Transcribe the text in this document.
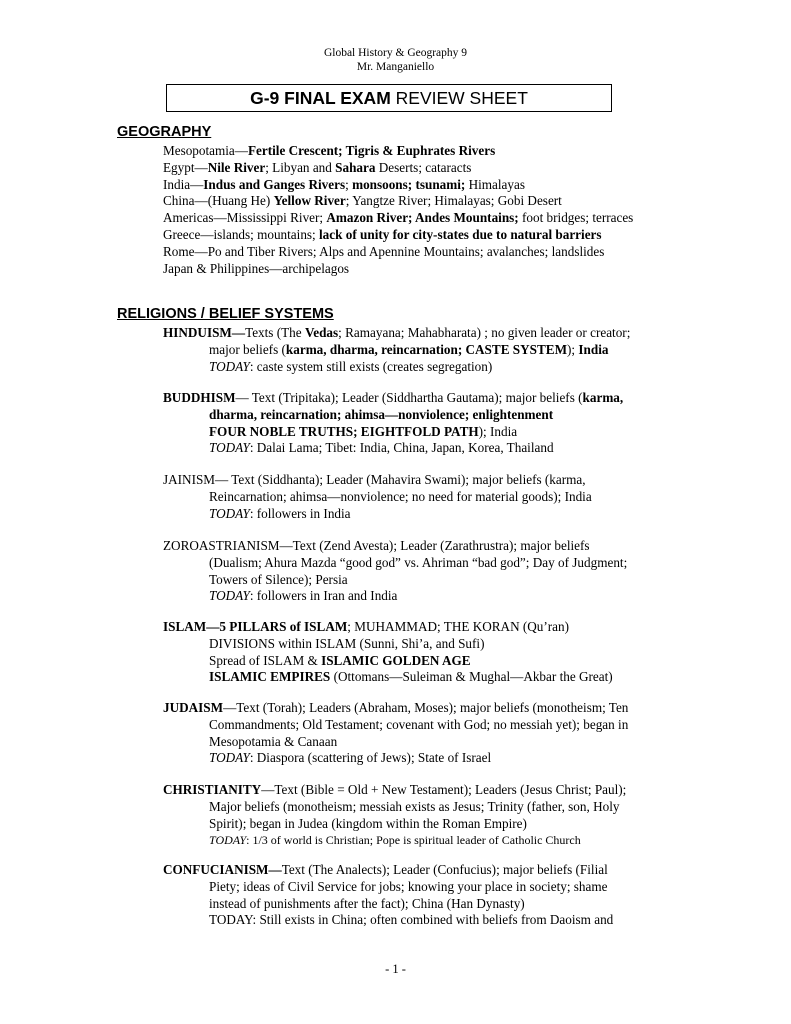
Global History & Geography 9
Mr. Manganiello
G-9 FINAL EXAM REVIEW SHEET
GEOGRAPHY
Mesopotamia—Fertile Crescent; Tigris & Euphrates Rivers
Egypt—Nile River; Libyan and Sahara Deserts; cataracts
India—Indus and Ganges Rivers; monsoons; tsunami; Himalayas
China—(Huang He) Yellow River; Yangtze River; Himalayas; Gobi Desert
Americas—Mississippi River; Amazon River; Andes Mountains; foot bridges; terraces
Greece—islands; mountains; lack of unity for city-states due to natural barriers
Rome—Po and Tiber Rivers; Alps and Apennine Mountains; avalanches; landslides
Japan & Philippines—archipelagos
RELIGIONS / BELIEF SYSTEMS
HINDUISM—Texts (The Vedas; Ramayana; Mahabharata) ; no given leader or creator;
major beliefs (karma, dharma, reincarnation; CASTE SYSTEM); India
TODAY: caste system still exists (creates segregation)
BUDDHISM— Text (Tripitaka); Leader (Siddhartha Gautama); major beliefs (karma,
dharma, reincarnation; ahimsa—nonviolence; enlightenment
FOUR NOBLE TRUTHS; EIGHTFOLD PATH); India
TODAY: Dalai Lama; Tibet: India, China, Japan, Korea, Thailand
JAINISM— Text (Siddhanta); Leader (Mahavira Swami); major beliefs (karma,
Reincarnation; ahimsa—nonviolence; no need for material goods); India
TODAY: followers in India
ZOROASTRIANISM—Text (Zend Avesta); Leader (Zarathrustra); major beliefs
(Dualism; Ahura Mazda “good god” vs. Ahriman “bad god”; Day of Judgment;
Towers of Silence); Persia
TODAY: followers in Iran and India
ISLAM—5 PILLARS of ISLAM; MUHAMMAD; THE KORAN (Qu’ran)
DIVISIONS within ISLAM (Sunni, Shi’a, and Sufi)
Spread of ISLAM & ISLAMIC GOLDEN AGE
ISLAMIC EMPIRES (Ottomans—Suleiman & Mughal—Akbar the Great)
JUDAISM—Text (Torah); Leaders (Abraham, Moses); major beliefs (monotheism; Ten
Commandments; Old Testament; covenant with God; no messiah yet); began in
Mesopotamia & Canaan
TODAY: Diaspora (scattering of Jews); State of Israel
CHRISTIANITY—Text (Bible = Old + New Testament); Leaders (Jesus Christ; Paul);
Major beliefs (monotheism; messiah exists as Jesus; Trinity (father, son, Holy
Spirit); began in Judea (kingdom within the Roman Empire)
TODAY: 1/3 of world is Christian; Pope is spiritual leader of Catholic Church
CONFUCIANISM—Text (The Analects); Leader (Confucius); major beliefs (Filial
Piety; ideas of Civil Service for jobs; knowing your place in society; shame
instead of punishments after the fact); China (Han Dynasty)
TODAY: Still exists in China; often combined with beliefs from Daoism and
- 1 -
